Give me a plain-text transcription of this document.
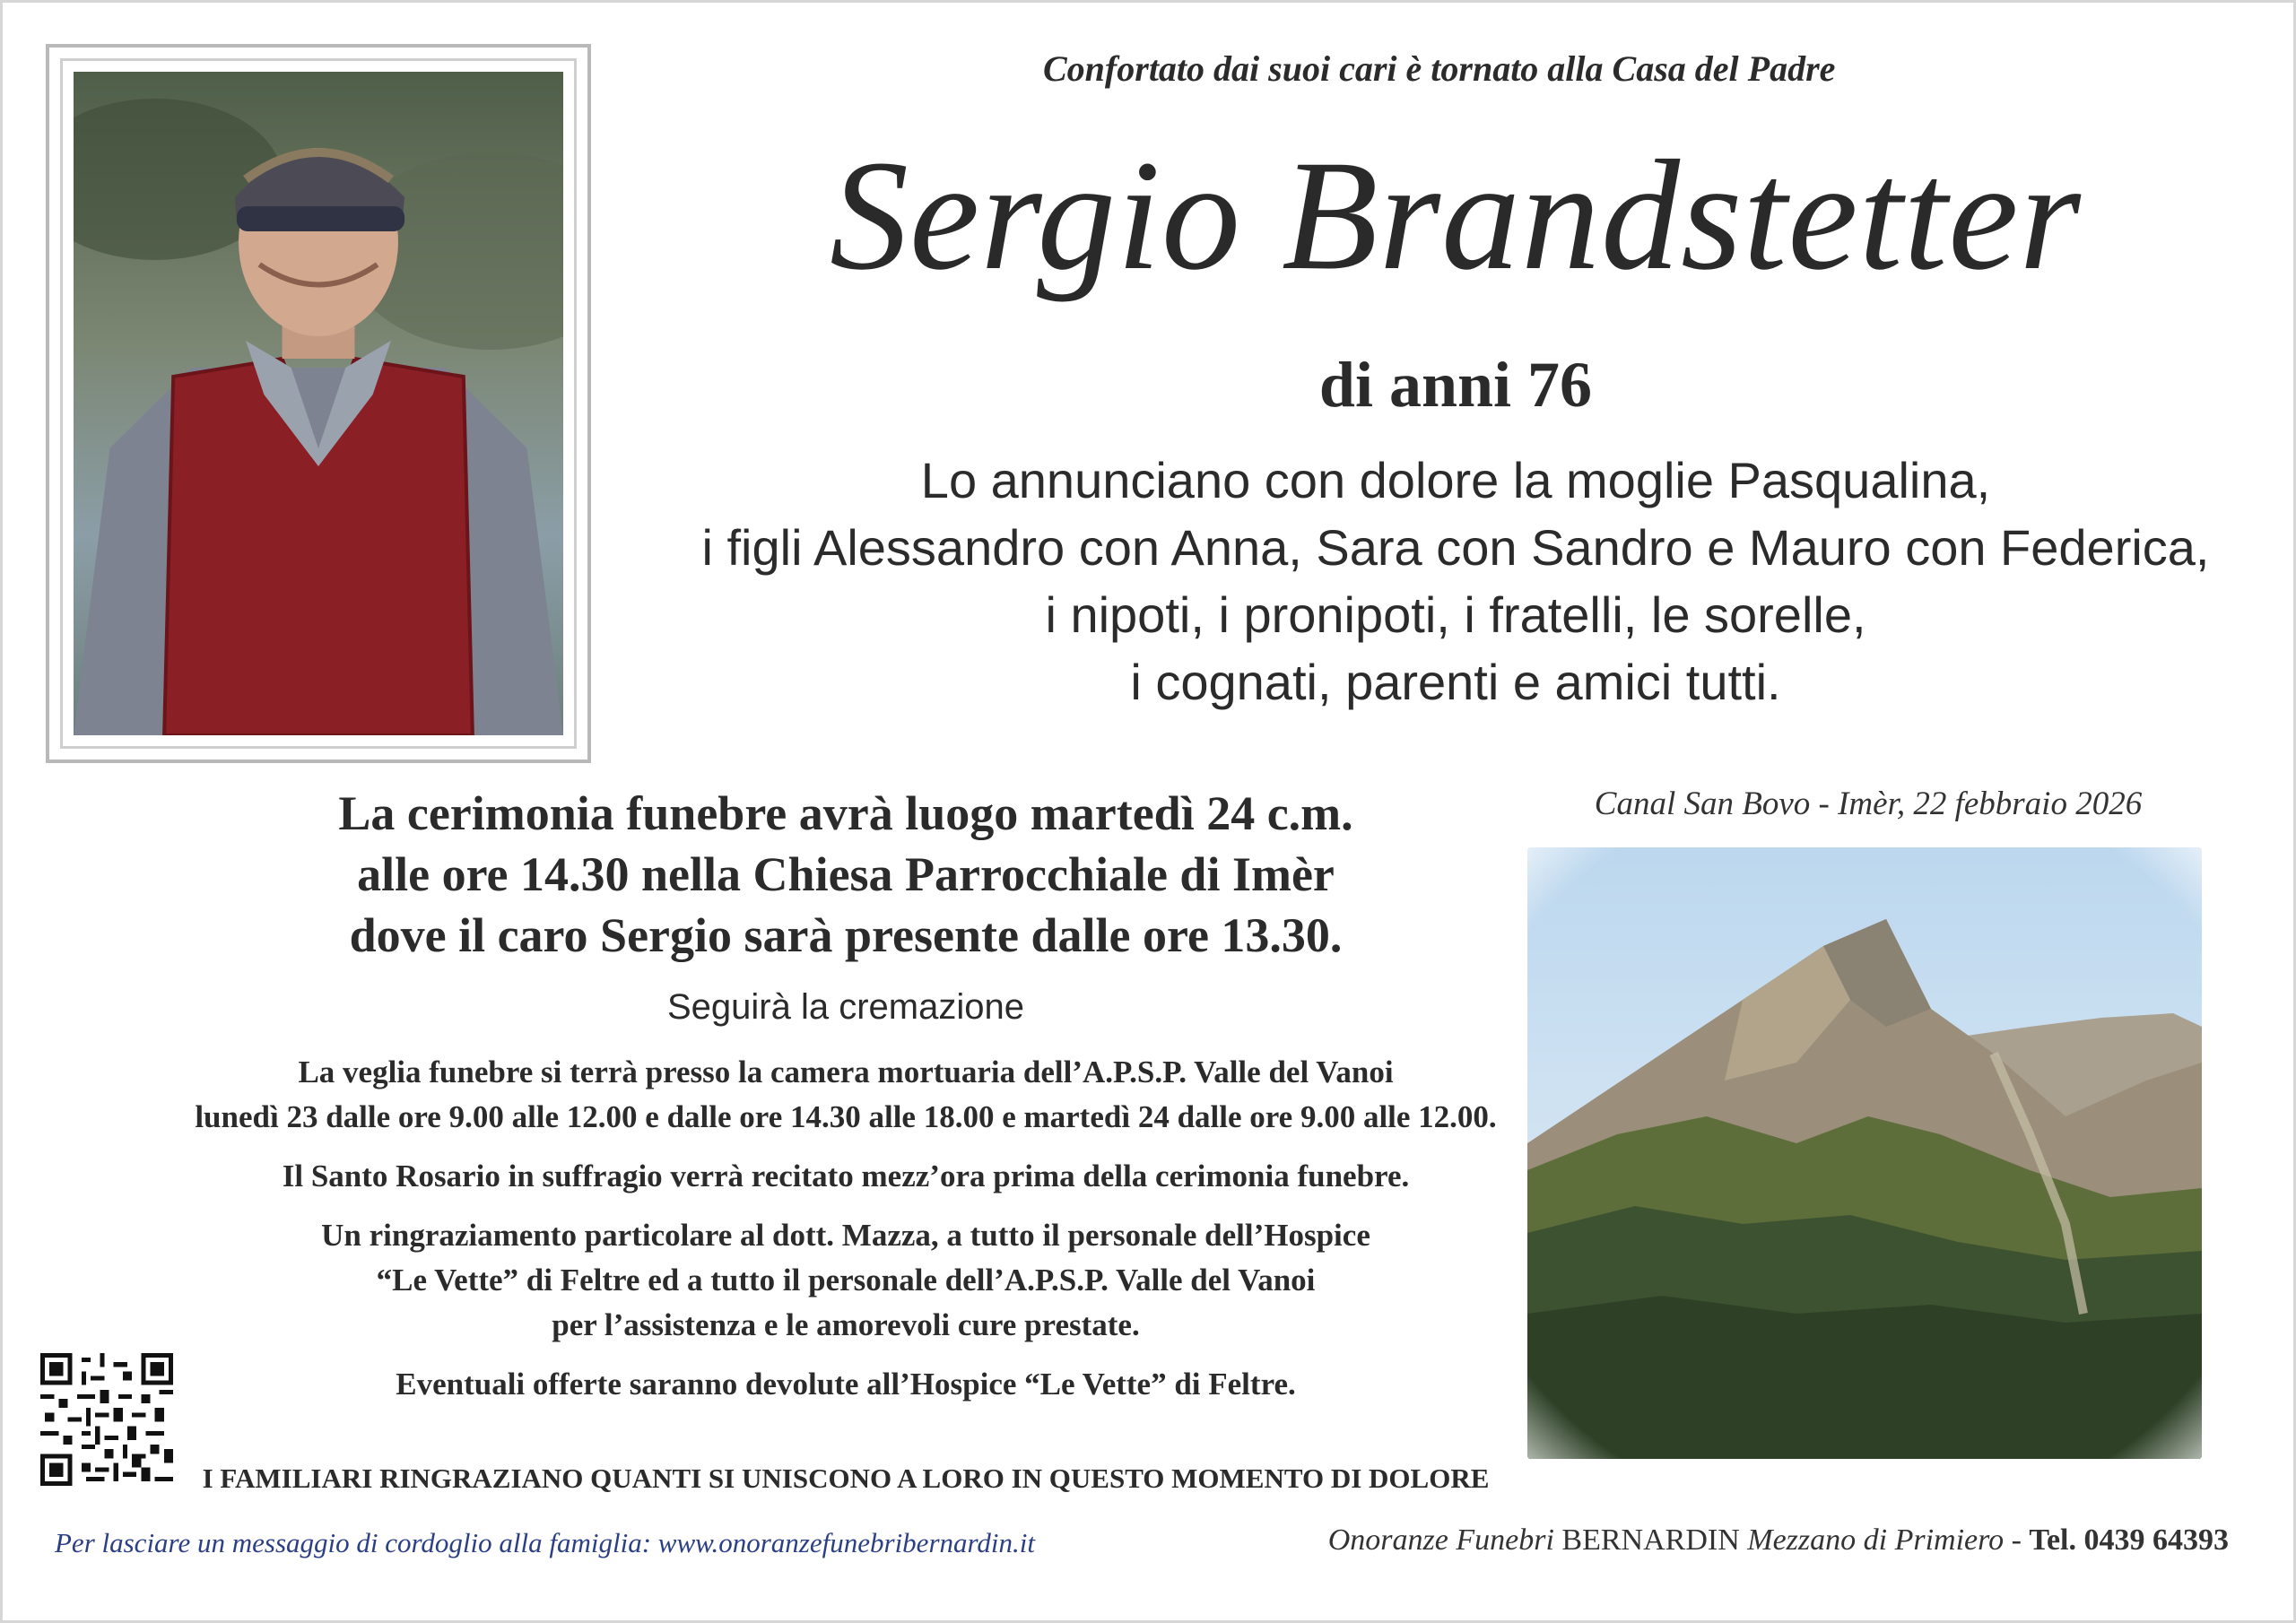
Confortato dai suoi cari è tornato alla Casa del Padre
Sergio Brandstetter
di anni 76
Lo annunciano con dolore la moglie Pasqualina,
i figli Alessandro con Anna, Sara con Sandro e Mauro con Federica,
i nipoti, i pronipoti, i fratelli, le sorelle,
i cognati, parenti e amici tutti.
La cerimonia funebre avrà luogo martedì 24 c.m.
alle ore 14.30 nella Chiesa Parrocchiale di Imèr
dove il caro Sergio sarà presente dalle ore 13.30.
Seguirà la cremazione
La veglia funebre si terrà presso la camera mortuaria dell’A.P.S.P. Valle del Vanoi
lunedì 23 dalle ore 9.00 alle 12.00 e dalle ore 14.30 alle 18.00 e martedì 24 dalle ore 9.00 alle 12.00.
Il Santo Rosario in suffragio verrà recitato mezz’ora prima della cerimonia funebre.
Un ringraziamento particolare al dott. Mazza, a tutto il personale dell’Hospice
“Le Vette” di Feltre ed a tutto il personale dell’A.P.S.P. Valle del Vanoi
per l’assistenza e le amorevoli cure prestate.
Eventuali offerte saranno devolute all’Hospice “Le Vette” di Feltre.
I FAMILIARI RINGRAZIANO QUANTI SI UNISCONO A LORO IN QUESTO MOMENTO DI DOLORE
Canal San Bovo - Imèr, 22 febbraio 2026
Per lasciare un messaggio di cordoglio alla famiglia: www.onoranzefunebribernardin.it	Onoranze Funebri BERNARDIN Mezzano di Primiero - Tel. 0439 64393
